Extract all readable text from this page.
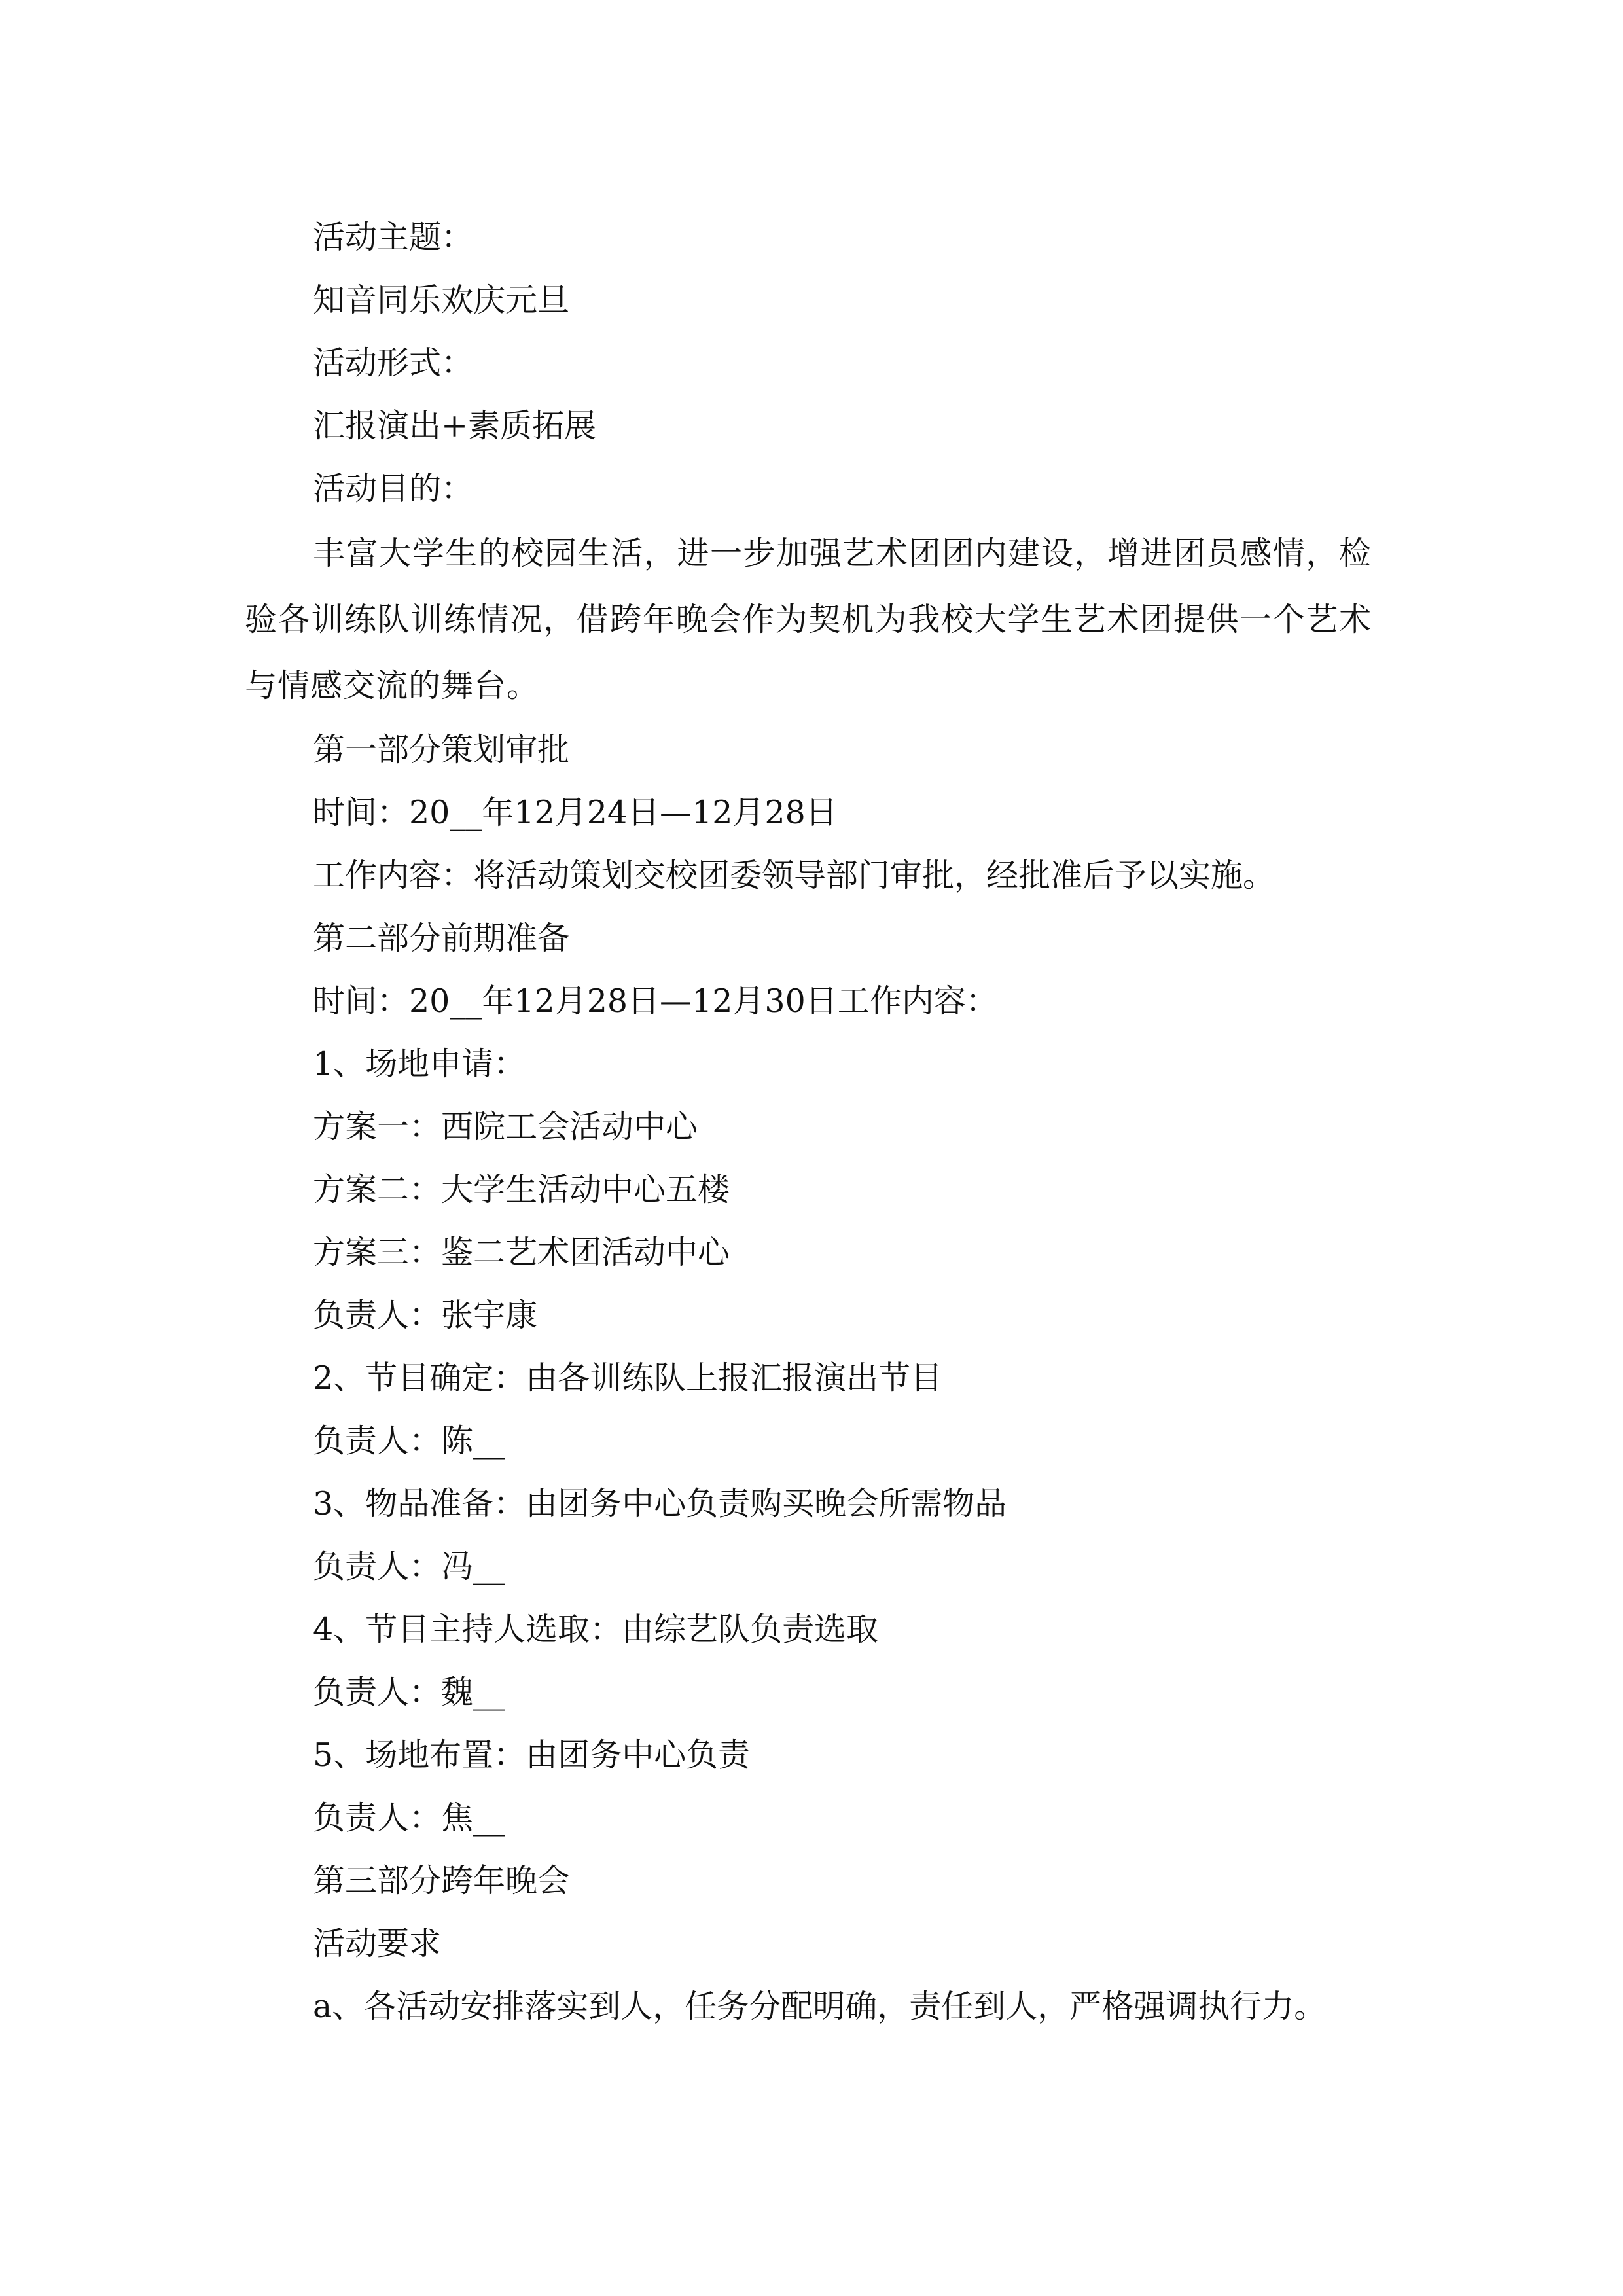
活动主题：
知音同乐欢庆元旦
活动形式：
汇报演出+素质拓展
活动目的：
丰富大学生的校园生活，进一步加强艺术团团内建设，增进团员感情，检验各训练队训练情况，借跨年晚会作为契机为我校大学生艺术团提供一个艺术与情感交流的舞台。
第一部分策划审批
时间：20__年12月24日—12月28日
工作内容：将活动策划交校团委领导部门审批，经批准后予以实施。
第二部分前期准备
时间：20__年12月28日—12月30日工作内容：
1、场地申请：
方案一：西院工会活动中心
方案二：大学生活动中心五楼
方案三：鉴二艺术团活动中心
负责人：张宇康
2、节目确定：由各训练队上报汇报演出节目
负责人：陈__
3、物品准备：由团务中心负责购买晚会所需物品
负责人：冯__
4、节目主持人选取：由综艺队负责选取
负责人：魏__
5、场地布置：由团务中心负责
负责人：焦__
第三部分跨年晚会
活动要求
a、各活动安排落实到人，任务分配明确，责任到人，严格强调执行力。
